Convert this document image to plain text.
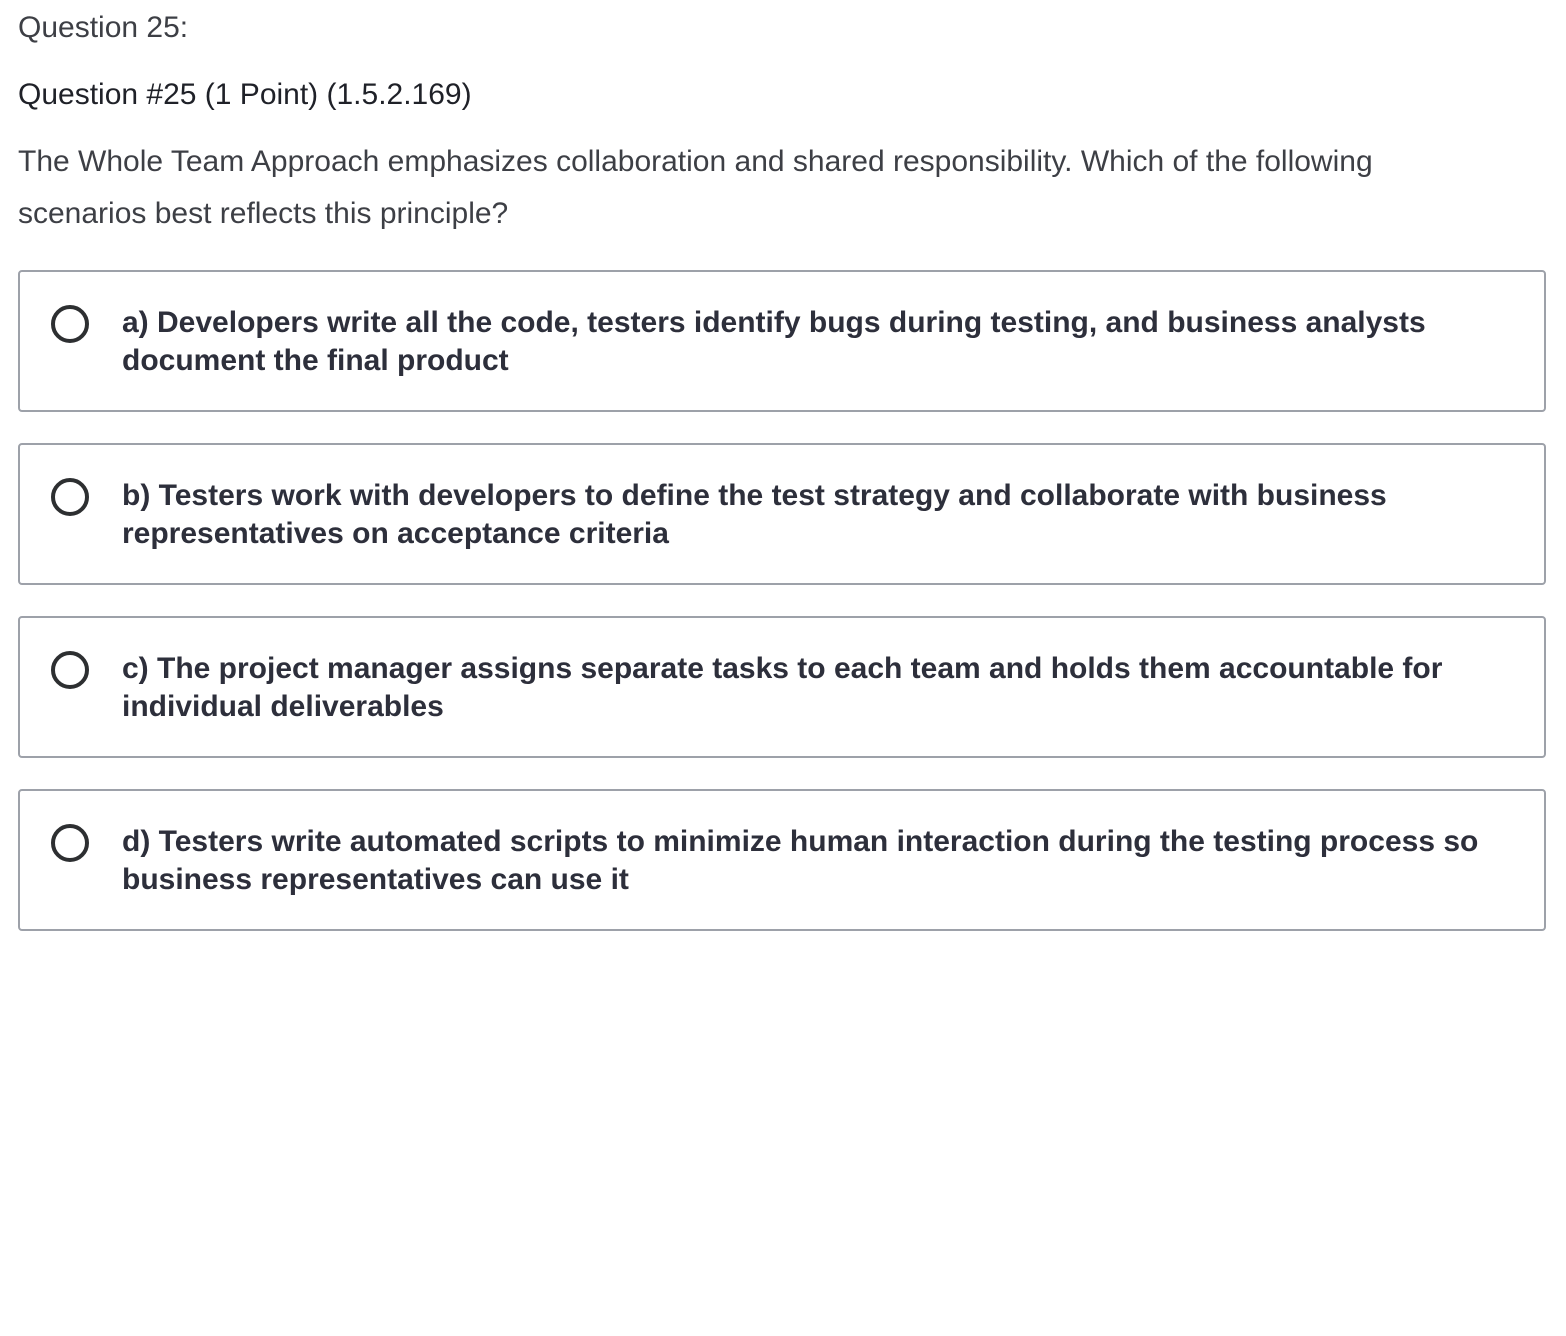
Question 25:
Question #25 (1 Point) (1.5.2.169)
The Whole Team Approach emphasizes collaboration and shared responsibility. Which of the following scenarios best reflects this principle?
a) Developers write all the code, testers identify bugs during testing, and business analysts document the final product
b) Testers work with developers to define the test strategy and collaborate with business representatives on acceptance criteria
c) The project manager assigns separate tasks to each team and holds them accountable for individual deliverables
d) Testers write automated scripts to minimize human interaction during the testing process so business representatives can use it
